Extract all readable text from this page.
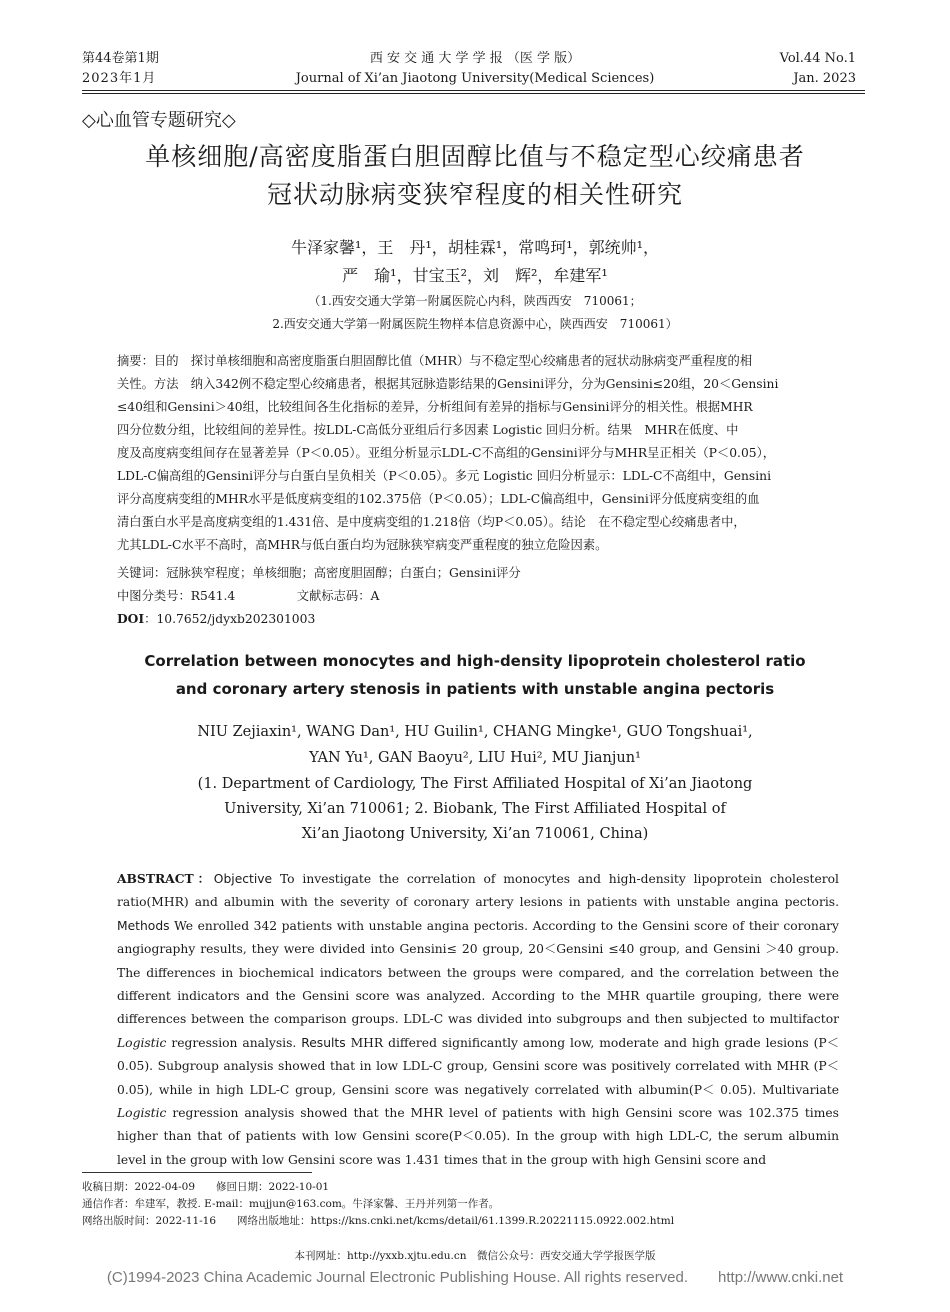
第44卷第1期
2023年1月
西 安 交 通 大 学 学 报 （医 学 版）
Journal of Xi’an Jiaotong University(Medical Sciences)
Vol.44 No.1
Jan. 2023
◇心血管专题研究◇
单核细胞/高密度脂蛋白胆固醇比值与不稳定型心绞痛患者
冠状动脉病变狭窄程度的相关性研究
牛泽家馨¹，王　丹¹，胡桂霖¹，常鸣珂¹，郭统帅¹，
严　瑜¹，甘宝玉²，刘　辉²，牟建军¹
（1.西安交通大学第一附属医院心内科，陕西西安　710061；
2.西安交通大学第一附属医院生物样本信息资源中心，陕西西安　710061）
摘要：目的　探讨单核细胞和高密度脂蛋白胆固醇比值（MHR）与不稳定型心绞痛患者的冠状动脉病变严重程度的相
关性。方法　纳入342例不稳定型心绞痛患者，根据其冠脉造影结果的Gensini评分，分为Gensini≤20组，20＜Gensini
≤40组和Gensini＞40组，比较组间各生化指标的差异，分析组间有差异的指标与Gensini评分的相关性。根据MHR
四分位数分组，比较组间的差异性。按LDL-C高低分亚组后行多因素 Logistic 回归分析。结果　MHR在低度、中
度及高度病变组间存在显著差异（P＜0.05）。亚组分析显示LDL-C不高组的Gensini评分与MHR呈正相关（P＜0.05），
LDL-C偏高组的Gensini评分与白蛋白呈负相关（P＜0.05）。多元 Logistic 回归分析显示：LDL-C不高组中，Gensini
评分高度病变组的MHR水平是低度病变组的102.375倍（P＜0.05）；LDL-C偏高组中，Gensini评分低度病变组的血
清白蛋白水平是高度病变组的1.431倍、是中度病变组的1.218倍（均P＜0.05）。结论　在不稳定型心绞痛患者中，
尤其LDL-C水平不高时，高MHR与低白蛋白均为冠脉狭窄病变严重程度的独立危险因素。
关键词：冠脉狭窄程度；单核细胞；高密度胆固醇；白蛋白；Gensini评分
中图分类号：R541.4　　　　　文献标志码：A
DOI：10.7652/jdyxb202301003
Correlation between monocytes and high-density lipoprotein cholesterol ratio
and coronary artery stenosis in patients with unstable angina pectoris
NIU Zejiaxin¹, WANG Dan¹, HU Guilin¹, CHANG Mingke¹, GUO Tongshuai¹,
YAN Yu¹, GAN Baoyu², LIU Hui², MU Jianjun¹
(1. Department of Cardiology, The First Affiliated Hospital of Xi’an Jiaotong
University, Xi’an 710061; 2. Biobank, The First Affiliated Hospital of
Xi’an Jiaotong University, Xi’an 710061, China)
ABSTRACT：Objective To investigate the correlation of monocytes and high-density lipoprotein cholesterol ratio(MHR) and albumin with the severity of coronary artery lesions in patients with unstable angina pectoris. Methods We enrolled 342 patients with unstable angina pectoris. According to the Gensini score of their coronary angiography results, they were divided into Gensini≤ 20 group, 20＜Gensini ≤40 group, and Gensini ＞40 group. The differences in biochemical indicators between the groups were compared, and the correlation between the different indicators and the Gensini score was analyzed. According to the MHR quartile grouping, there were differences between the comparison groups. LDL-C was divided into subgroups and then subjected to multifactor Logistic regression analysis. Results MHR differed significantly among low, moderate and high grade lesions (P＜0.05). Subgroup analysis showed that in low LDL-C group, Gensini score was positively correlated with MHR (P＜ 0.05), while in high LDL-C group, Gensini score was negatively correlated with albumin(P＜ 0.05). Multivariate Logistic regression analysis showed that the MHR level of patients with high Gensini score was 102.375 times higher than that of patients with low Gensini score(P＜0.05). In the group with high LDL-C, the serum albumin level in the group with low Gensini score was 1.431 times that in the group with high Gensini score and
收稿日期：2022-04-09　　修回日期：2022-10-01
通信作者：牟建军，教授. E-mail：mujjun@163.com。牛泽家馨、王丹并列第一作者。
网络出版时间：2022-11-16　　网络出版地址：https://kns.cnki.net/kcms/detail/61.1399.R.20221115.0922.002.html
本刊网址：http://yxxb.xjtu.edu.cn　微信公众号：西安交通大学学报医学版
(C)1994-2023 China Academic Journal Electronic Publishing House. All rights reserved.　　http://www.cnki.net
